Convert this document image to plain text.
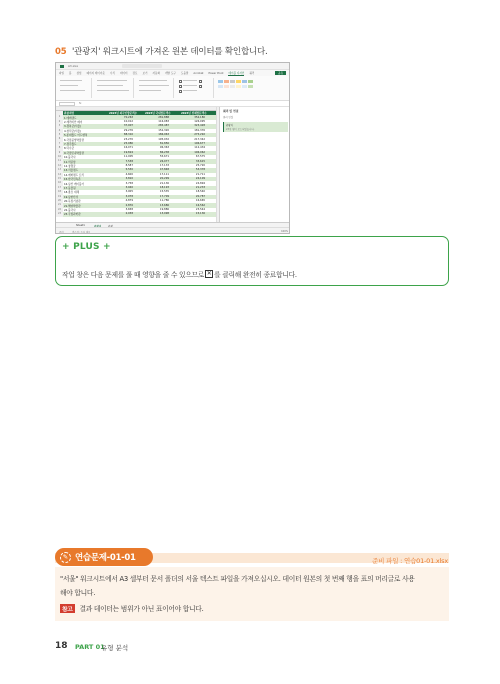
05 '관광지' 워크시트에 가져온 원본 데이터를 확인합니다.
A3.xlsx
파일 홈 삽입 페이지 레이아웃 수식 데이터 검토 보기 자동화 개발 도구 도움말 Acrobat Power Pivot 테이블 디자인 쿼리	공유
fx
관광지명	2023년 외국인방문객수	2023년 국내방문객수	2023년 전체방문객수
1	1.에버랜드	70,263	281,888	352,180
2	2.캐리비안 베이	10,012	116,083	126,095
3	3.경복궁(서울)	37,907	285,487	323,428
4	4.창덕궁(서울)	29,276	152,320	181,376
5	5.롯데월드 어드벤처	88,310	186,963	275,292
6	6.국립중앙박물관	23,270	195,032	217,342
7	7.경주월드	25,980	81,856	106,677
8	8.덕수궁	16,071	96,363	112,434
9	9.국립민속박물관	19,824	86,238	106,062
10	10.불국사	11,905	55,671	67,575
11	11.석굴암	7,538	26,077	33,615
12	12.창경궁	8,587	17,133	25,720
13	13.서울랜드	5,530	47,848	53,378
14	14.에버랜드 트리	4,600	17,111	21,711
15	15.한국민속촌	3,810	20,299	24,109
16	16.남산 케이블카	3,758	21,136	24,894
17	17.동물원	3,040	18,193	21,233
18	18.종묘 대체	3,005	15,535	18,540
19	19.남한산성	3,078	17,709	20,787
20	20.독립기념관	4,879	11,786	16,665
21	21.해양박물관	2,876	13,686	16,562
22	22.불국사	3,658	19,886	23,544
23	23.국립과학관	2,038	13,098	15,136
쿼리 및 연결
쿼리 연결
관광지
23개 행이 로드되었습니다.
Sheet1
준비	접근성: 조사 필요	100%
+ PLUS +
작업 창은 다음 문제를 풀 때 영향을 줄 수 있으므로 ✕ 를 클릭해 완전히 종료합니다.
✎ 연습문제-01-01	준비 파일 : 연습01-01.xlsx
"서울" 워크시트에서 A3 셀부터 문서 폴더의 서울 텍스트 파일을 가져오십시오. 데이터 원본의 첫 번째 행을 표의 머리글로 사용
해야 합니다.
참고 결과 데이터는 범위가 아닌 표이어야 합니다.
18 PART 01
유형 분석
